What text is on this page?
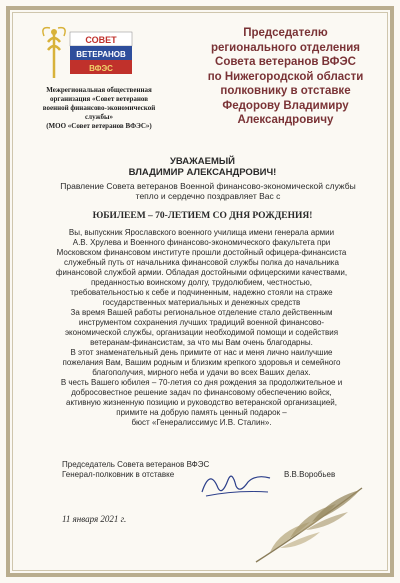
СОВЕТ
ВЕТЕРАНОВ
ВФЭС
Межрегиональная общественная
организация «Совет ветеранов
военной финансово-экономической
службы»
(МОО «Совет ветеранов ВФЭС»)
Председателю
регионального отделения
Совета ветеранов ВФЭС
по Нижегородской области
полковнику в отставке
Федорову Владимиру
Александровичу
УВАЖАЕМЫЙ
ВЛАДИМИР АЛЕКСАНДРОВИЧ!
Правление Совета ветеранов Военной финансово-экономической службы
тепло и сердечно поздравляет Вас с
ЮБИЛЕЕМ – 70-ЛЕТИЕМ СО ДНЯ РОЖДЕНИЯ!
Вы, выпускник Ярославского военного училища имени генерала армии
А.В. Хрулева и Военного финансово-экономического факультета при
Московском финансовом институте прошли достойный офицера-финансиста
служебный путь от начальника финансовой службы полка до начальника
финансовой службой армии. Обладая достойными офицерскими качествами,
преданностью воинскому долгу, трудолюбием, честностью,
требовательностью к себе и подчиненным, надежно стояли на страже
государственных материальных и денежных средств
За время Вашей работы региональное отделение стало действенным
инструментом сохранения лучших традиций военной финансово-
экономической службы, организации необходимой помощи и содействия
ветеранам-финансистам, за что мы Вам очень благодарны.
В этот знаменательный день примите от нас и меня лично наилучшие
пожелания Вам, Вашим родным и близким крепкого здоровья и семейного
благополучия, мирного неба и удачи во всех Ваших делах.
В честь Вашего юбилея – 70-летия со дня рождения за продолжительное и
добросовестное решение задач по финансовому обеспечению войск,
активную жизненную позицию и руководство ветеранской организацией,
примите на добрую память ценный подарок –
бюст «Генералиссимус И.В. Сталин».
Председатель Совета ветеранов ВФЭС
Генерал-полковник в отставке	В.В.Воробьев
11 января 2021 г.
